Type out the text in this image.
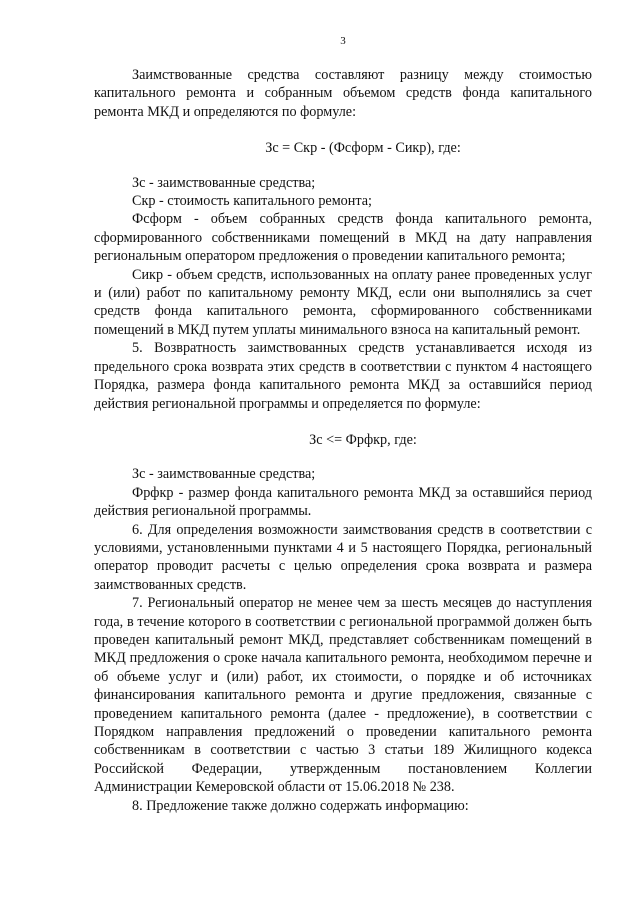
3

Заимствованные средства составляют разницу между стоимостью капитального ремонта и собранным объемом средств фонда капитального ремонта МКД и определяются по формуле:

Зс = Скр - (Фсформ - Сикр), где:

Зс - заимствованные средства;

Скр - стоимость капитального ремонта;

Фсформ - объем собранных средств фонда капитального ремонта, сформированного собственниками помещений в МКД на дату направления региональным оператором предложения о проведении капитального ремонта;

Сикр - объем средств, использованных на оплату ранее проведенных услуг и (или) работ по капитальному ремонту МКД, если они выполнялись за счет средств фонда капитального ремонта, сформированного собственниками помещений в МКД путем уплаты минимального взноса на капитальный ремонт.

5. Возвратность заимствованных средств устанавливается исходя из предельного срока возврата этих средств в соответствии с пунктом 4 настоящего Порядка, размера фонда капитального ремонта МКД за оставшийся период действия региональной программы и определяется по формуле:

Зс <= Фрфкр, где:

Зс - заимствованные средства;

Фрфкр - размер фонда капитального ремонта МКД за оставшийся период действия региональной программы.

6. Для определения возможности заимствования средств в соответствии с условиями, установленными пунктами 4 и 5 настоящего Порядка, региональный оператор проводит расчеты с целью определения срока возврата и размера заимствованных средств.

7. Региональный оператор не менее чем за шесть месяцев до наступления года, в течение которого в соответствии с региональной программой должен быть проведен капитальный ремонт МКД, представляет собственникам помещений в МКД предложения о сроке начала капитального ремонта, необходимом перечне и об объеме услуг и (или) работ, их стоимости, о порядке и об источниках финансирования капитального ремонта и другие предложения, связанные с проведением капитального ремонта (далее - предложение), в соответствии с Порядком направления предложений о проведении капитального ремонта собственникам в соответствии с частью 3 статьи 189 Жилищного кодекса Российской Федерации, утвержденным постановлением Коллегии Администрации Кемеровской области от 15.06.2018 № 238.

8. Предложение также должно содержать информацию:
